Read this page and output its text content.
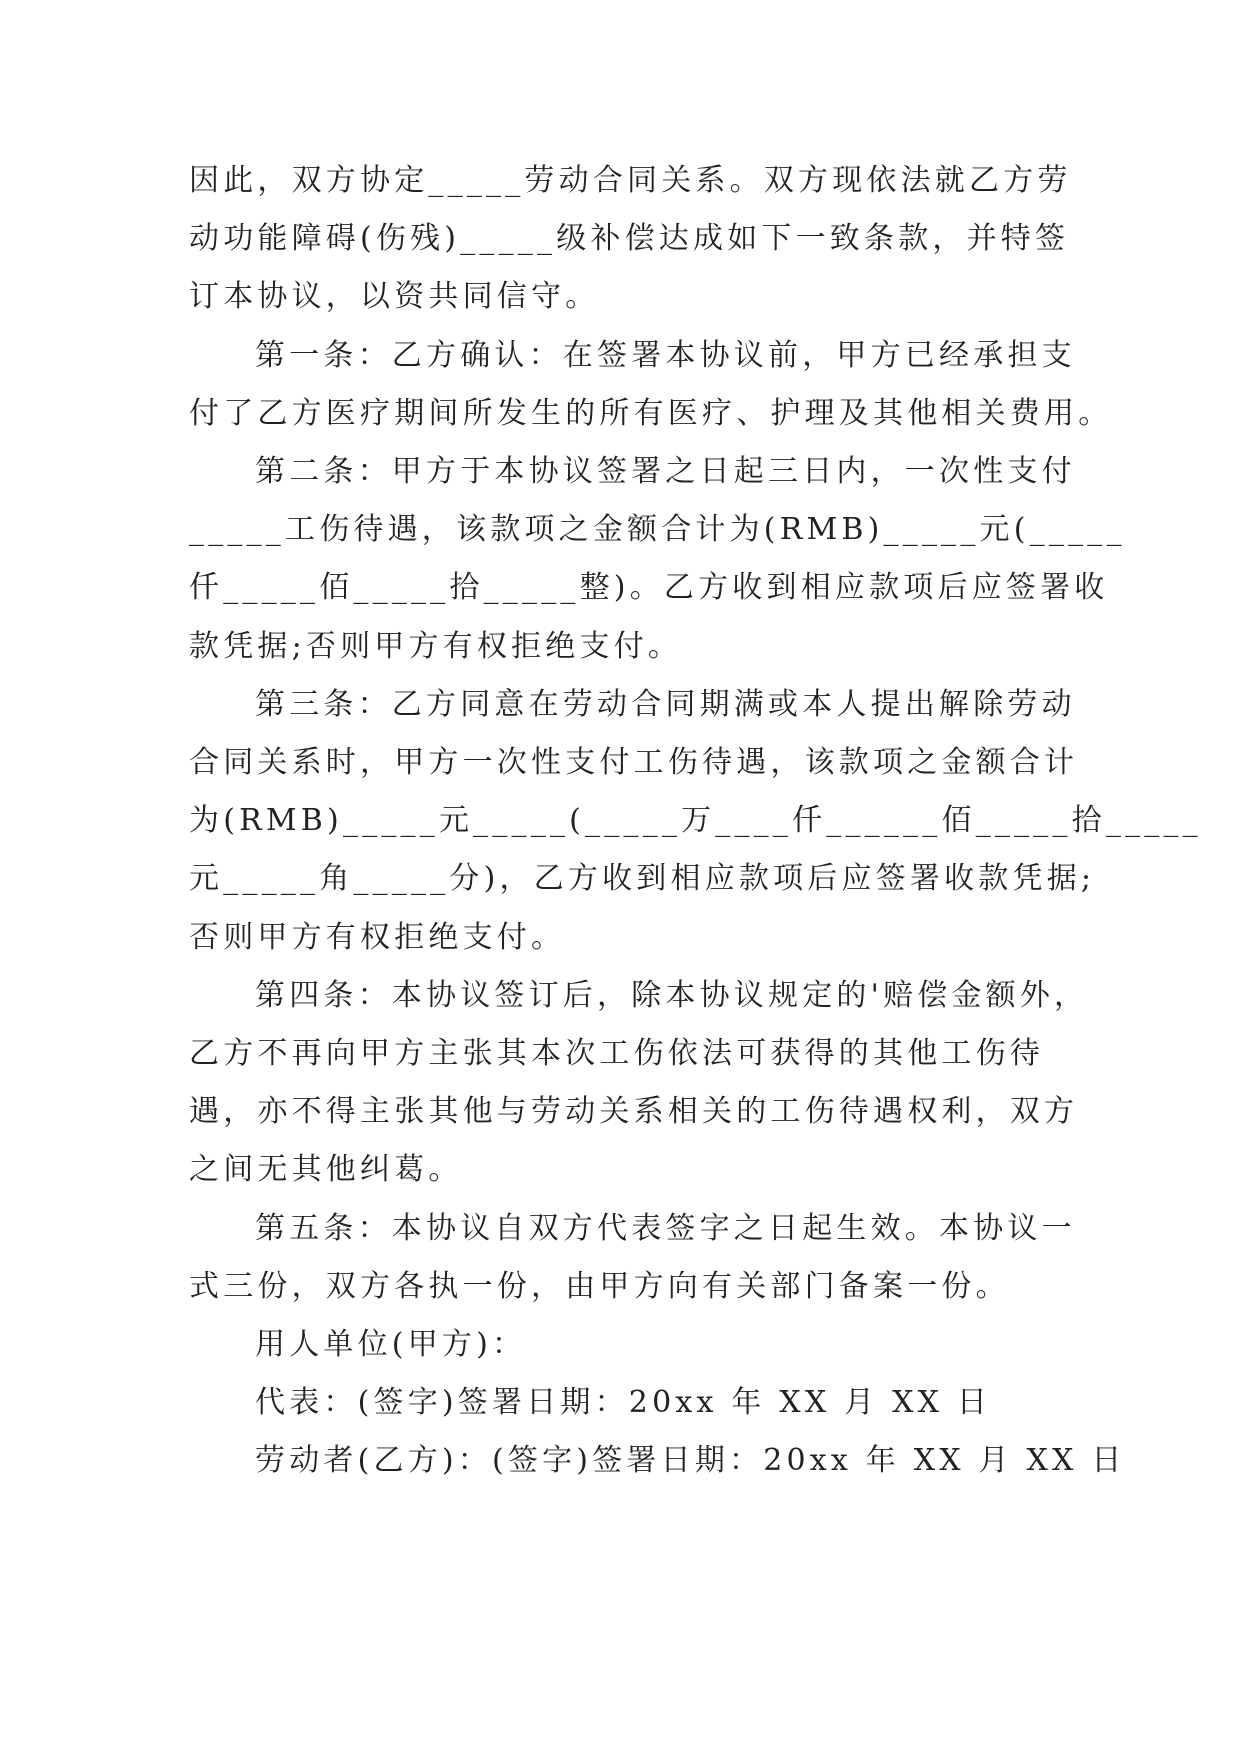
因此，双方协定_____劳动合同关系。双方现依法就乙方劳
动功能障碍(伤残)_____级补偿达成如下一致条款，并特签
订本协议，以资共同信守。

第一条：乙方确认：在签署本协议前，甲方已经承担支
付了乙方医疗期间所发生的所有医疗、护理及其他相关费用。

第二条：甲方于本协议签署之日起三日内，一次性支付
_____工伤待遇，该款项之金额合计为(RMB)_____元(_____
仟_____佰_____拾_____整)。乙方收到相应款项后应签署收
款凭据;否则甲方有权拒绝支付。

第三条：乙方同意在劳动合同期满或本人提出解除劳动
合同关系时，甲方一次性支付工伤待遇，该款项之金额合计
为(RMB)_____元_____(_____万____仟______佰_____拾_____
元_____角_____分)，乙方收到相应款项后应签署收款凭据;
否则甲方有权拒绝支付。

第四条：本协议签订后，除本协议规定的'赔偿金额外，
乙方不再向甲方主张其本次工伤依法可获得的其他工伤待
遇，亦不得主张其他与劳动关系相关的工伤待遇权利，双方
之间无其他纠葛。

第五条：本协议自双方代表签字之日起生效。本协议一
式三份，双方各执一份，由甲方向有关部门备案一份。

用人单位(甲方)：

代表：(签字)签署日期：20xx 年 XX 月 XX 日

劳动者(乙方)：(签字)签署日期：20xx 年 XX 月 XX 日
